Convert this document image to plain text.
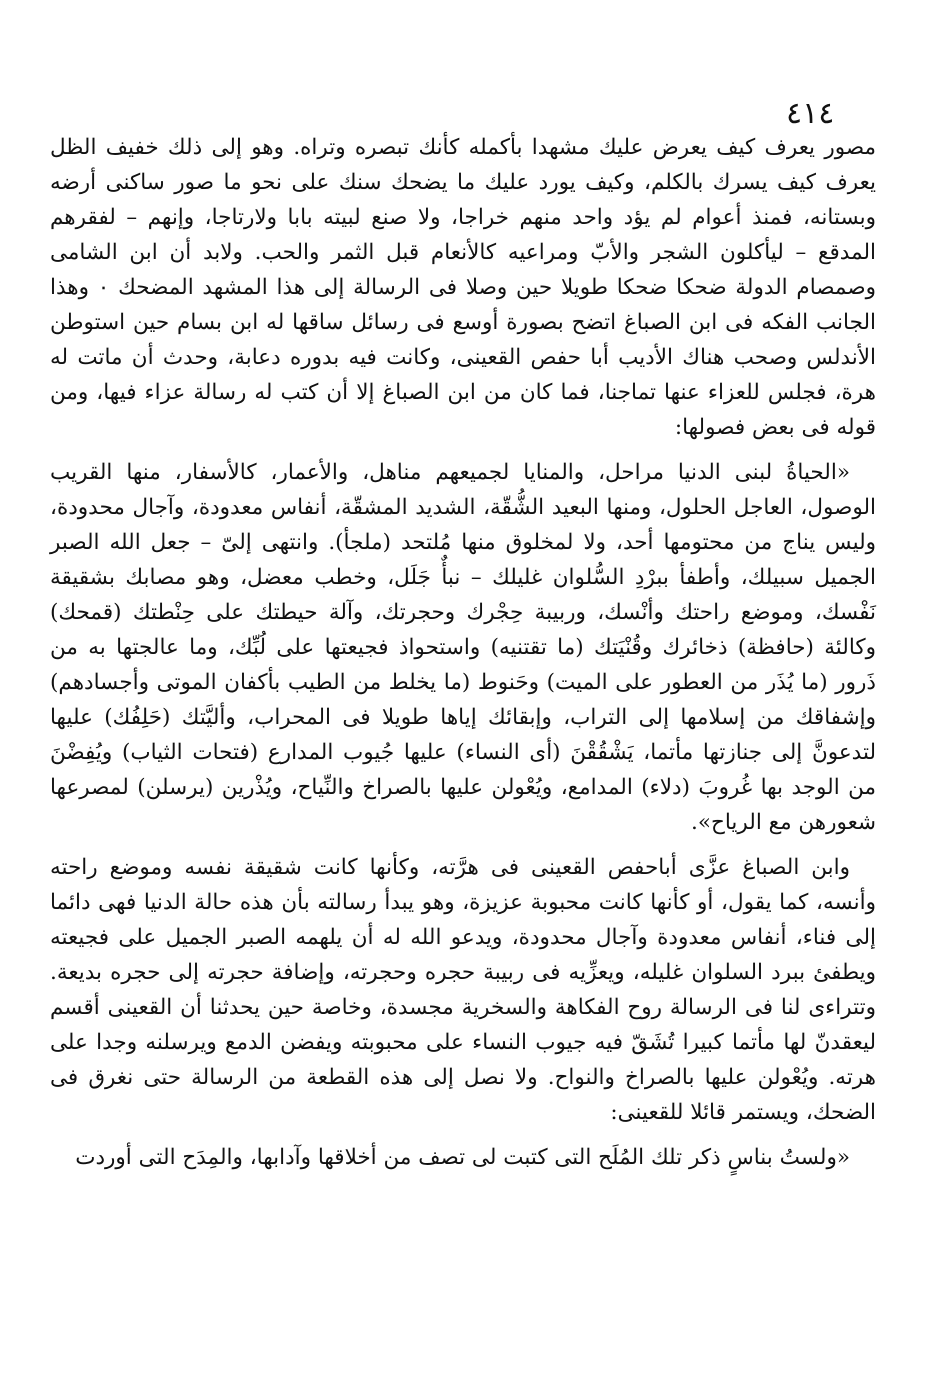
٤١٤

مصور يعرف كيف يعرض عليك مشهدا بأكمله كأنك تبصره وتراه. وهو إلى ذلك خفيف الظل يعرف كيف يسرك بالكلم، وكيف يورد عليك ما يضحك سنك على نحو ما صور ساكنى أرضه وبستانه، فمنذ أعوام لم يؤد واحد منهم خراجا، ولا صنع لبيته بابا ولارتاجا، وإنهم – لفقرهم المدقع – ليأكلون الشجر والأبّ ومراعيه كالأنعام قبل الثمر والحب. ولابد أن ابن الشامى وصمصام الدولة ضحكا ضحكا طويلا حين وصلا فى الرسالة إلى هذا المشهد المضحك ٠ وهذا الجانب الفكه فى ابن الصباغ اتضح بصورة أوسع فى رسائل ساقها له ابن بسام حين استوطن الأندلس وصحب هناك الأديب أبا حفص القعينى، وكانت فيه بدوره دعابة، وحدث أن ماتت له هرة، فجلس للعزاء عنها تماجنا، فما كان من ابن الصباغ إلا أن كتب له رسالة عزاء فيها، ومن قوله فى بعض فصولها:

«الحياةُ لبنى الدنيا مراحل، والمنايا لجميعهم مناهل، والأعمار، كالأسفار، منها القريب الوصول، العاجل الحلول، ومنها البعيد الشُّقّة، الشديد المشقّة، أنفاس معدودة، وآجال محدودة، وليس يناج من محتومها أحد، ولا لمخلوق منها مُلتحد (ملجأ). وانتهى إلىّ – جعل الله الصبر الجميل سبيلك، وأطفأ ببرْدِ السُّلوان غليلك – نبأٌ جَلَل، وخطب معضل، وهو مصابك بشقيقة نَفْسك، وموضع راحتك وأنْسك، وربيبة حِجْرك وحجرتك، وآلة حيطتك على حِنْطتك (قمحك) وكالئة (حافظة) ذخائرك وقُنْيَتك (ما تقتنيه) واستحواذ فجيعتها على لُبِّك، وما عالجتها به من ذَرور (ما يُذَر من العطور على الميت) وحَنوط (ما يخلط من الطيب بأكفان الموتى وأجسادهم) وإشفاقك من إسلامها إلى التراب، وإبقائك إياها طويلا فى المحراب، وأليَّتك (حَلِفُك) عليها لتدعونَّ إلى جنازتها مأتما، يَشْقُقْنَ (أى النساء) عليها جُيوب المدارع (فتحات الثياب) ويُفِضْنَ من الوجد بها غُروبَ (دلاء) المدامع، ويُعْولن عليها بالصراخ والنِّياح، ويُذْرين (يرسلن) لمصرعها شعورهن مع الرياح».

وابن الصباغ عزَّى أباحفص القعينى فى هرَّته، وكأنها كانت شقيقة نفسه وموضع راحته وأنسه، كما يقول، أو كأنها كانت محبوبة عزيزة، وهو يبدأ رسالته بأن هذه حالة الدنيا فهى دائما إلى فناء، أنفاس معدودة وآجال محدودة، ويدعو الله له أن يلهمه الصبر الجميل على فجيعته ويطفئ ببرد السلوان غليله، ويعزِّيه فى ربيبة حجره وحجرته، وإضافة حجرته إلى حجره بديعة. وتتراءى لنا فى الرسالة روح الفكاهة والسخرية مجسدة، وخاصة حين يحدثنا أن القعينى أقسم ليعقدنّ لها مأتما كبيرا تُشَقّ فيه جيوب النساء على محبوبته ويفضن الدمع ويرسلنه وجدا على هرته. ويُعْولن عليها بالصراخ والنواح. ولا نصل إلى هذه القطعة من الرسالة حتى نغرق فى الضحك، ويستمر قائلا للقعينى:

«ولستُ بناسٍ ذكر تلك المُلَح التى كتبت لى تصف من أخلاقها وآدابها، والمِدَح التى أوردت
